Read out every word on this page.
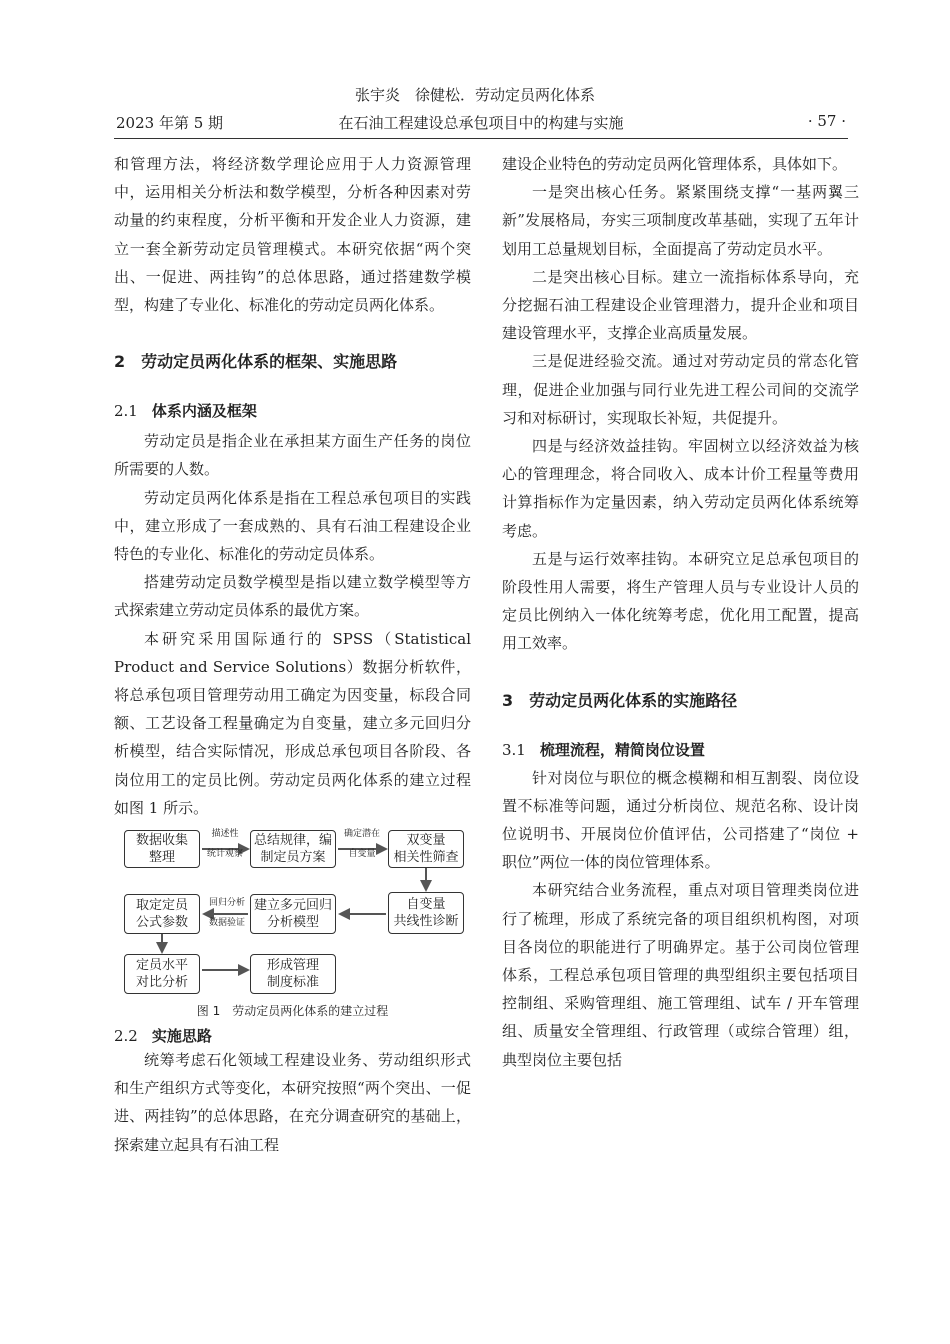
张宇炎　徐健松．劳动定员两化体系
2023 年第 5 期	在石油工程建设总承包项目中的构建与实施	· 57 ·

和管理方法，将经济数学理论应用于人力资源管理中，运用相关分析法和数学模型，分析各种因素对劳动量的约束程度，分析平衡和开发企业人力资源，建立一套全新劳动定员管理模式。本研究依据“两个突出、一促进、两挂钩”的总体思路，通过搭建数学模型，构建了专业化、标准化的劳动定员两化体系。

2　劳动定员两化体系的框架、实施思路

2.1 体系内涵及框架

劳动定员是指企业在承担某方面生产任务的岗位所需要的人数。

劳动定员两化体系是指在工程总承包项目的实践中，建立形成了一套成熟的、具有石油工程建设企业特色的专业化、标准化的劳动定员体系。

搭建劳动定员数学模型是指以建立数学模型等方式探索建立劳动定员体系的最优方案。

本研究采用国际通行的 SPSS（Statistical Product and Service Solutions）数据分析软件，将总承包项目管理劳动用工确定为因变量，标段合同额、工艺设备工程量确定为自变量，建立多元回归分析模型，结合实际情况，形成总承包项目各阶段、各岗位用工的定员比例。劳动定员两化体系的建立过程如图 1 所示。

数据收集
整理
描述性
统计观察
总结规律，编
制定员方案
确定潜在
自变量
双变量
相关性筛查
自变量
共线性诊断
建立多元回归
分析模型
回归分析
数据验证
取定定员
公式参数
定员水平
对比分析
形成管理
制度标准

图 1　劳动定员两化体系的建立过程

2.2 实施思路

统筹考虑石化领域工程建设业务、劳动组织形式和生产组织方式等变化，本研究按照“两个突出、一促进、两挂钩”的总体思路，在充分调查研究的基础上，探索建立起具有石油工程

建设企业特色的劳动定员两化管理体系，具体如下。

一是突出核心任务。紧紧围绕支撑“一基两翼三新”发展格局，夯实三项制度改革基础，实现了五年计划用工总量规划目标，全面提高了劳动定员水平。

二是突出核心目标。建立一流指标体系导向，充分挖掘石油工程建设企业管理潜力，提升企业和项目建设管理水平，支撑企业高质量发展。

三是促进经验交流。通过对劳动定员的常态化管理，促进企业加强与同行业先进工程公司间的交流学习和对标研讨，实现取长补短，共促提升。

四是与经济效益挂钩。牢固树立以经济效益为核心的管理理念，将合同收入、成本计价工程量等费用计算指标作为定量因素，纳入劳动定员两化体系统筹考虑。

五是与运行效率挂钩。本研究立足总承包项目的阶段性用人需要，将生产管理人员与专业设计人员的定员比例纳入一体化统筹考虑，优化用工配置，提高用工效率。

3　劳动定员两化体系的实施路径

3.1 梳理流程，精简岗位设置

针对岗位与职位的概念模糊和相互割裂、岗位设置不标准等问题，通过分析岗位、规范名称、设计岗位说明书、开展岗位价值评估，公司搭建了“岗位 + 职位”两位一体的岗位管理体系。

本研究结合业务流程，重点对项目管理类岗位进行了梳理，形成了系统完备的项目组织机构图，对项目各岗位的职能进行了明确界定。基于公司岗位管理体系，工程总承包项目管理的典型组织主要包括项目控制组、采购管理组、施工管理组、试车 / 开车管理组、质量安全管理组、行政管理（或综合管理）组，典型岗位主要包括
